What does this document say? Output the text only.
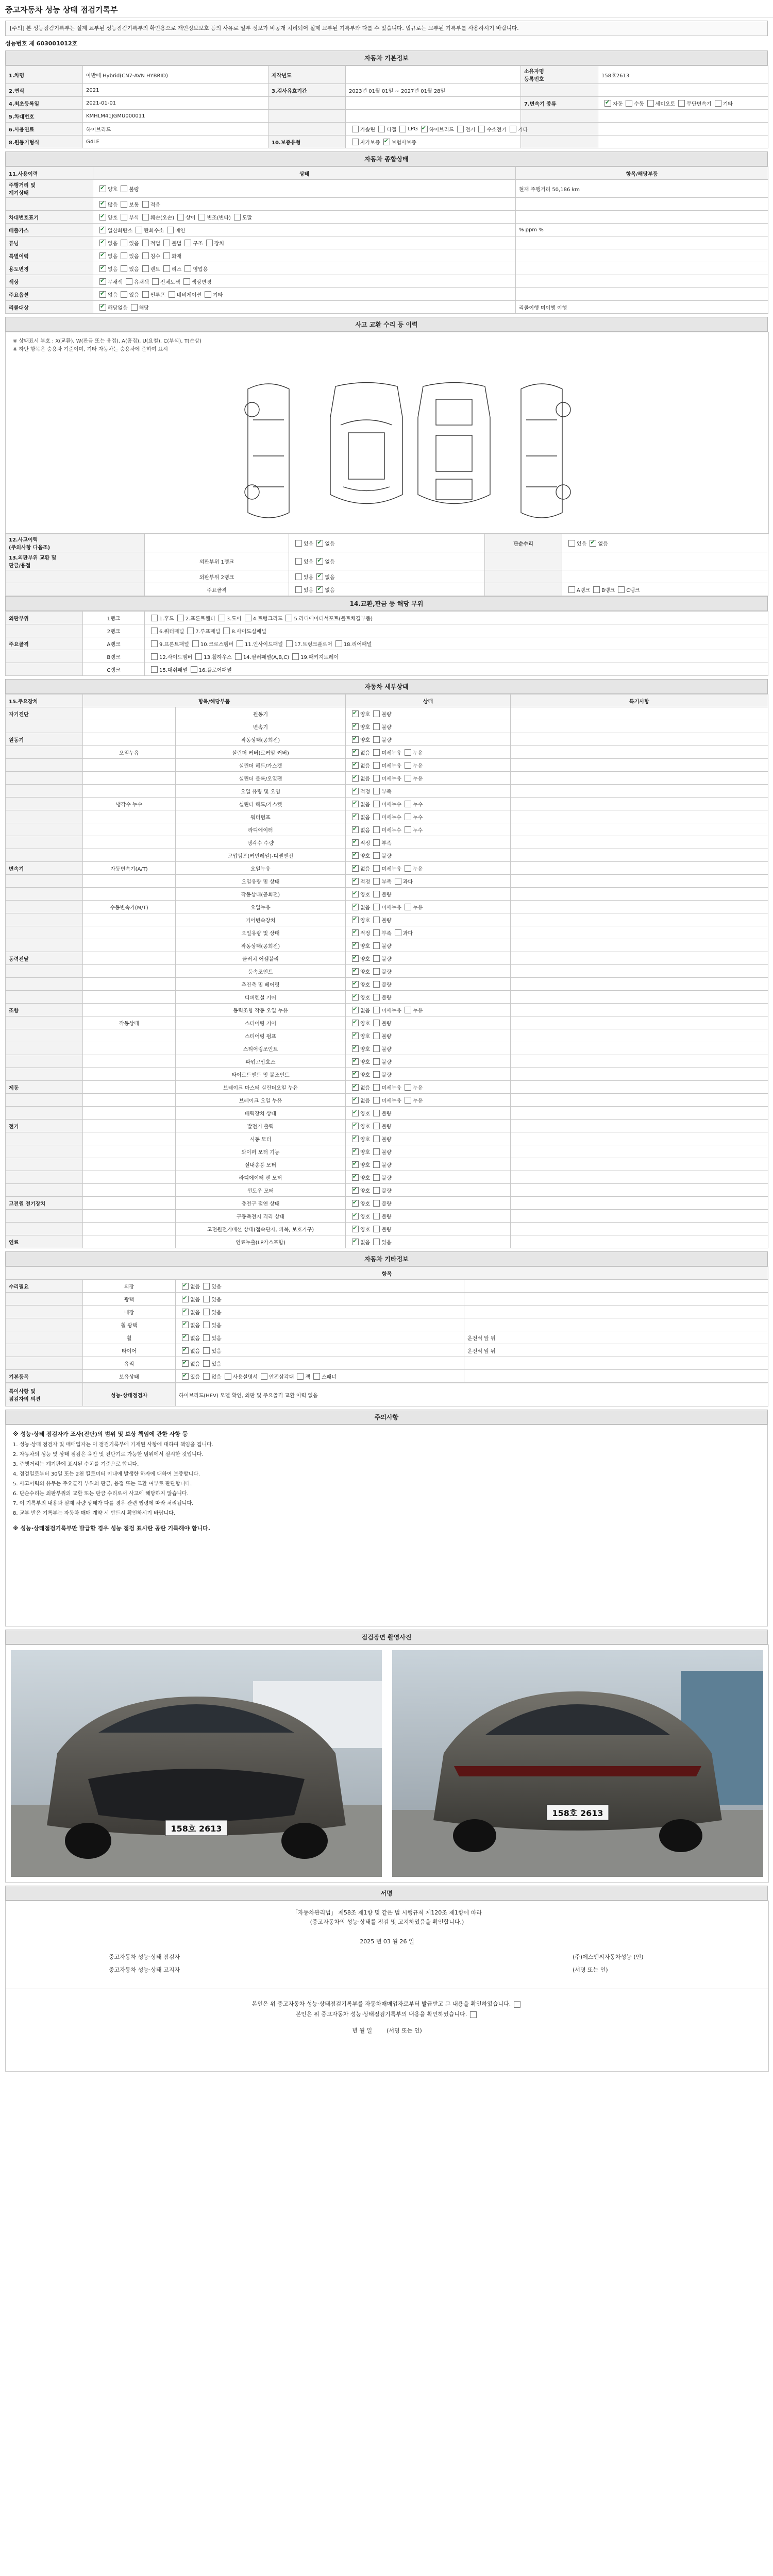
중고자동차 성능 상태 점검기록부
[주의] 본 성능점검기록부는 실제 교부된 성능점검기록부의 확인용으로 개인정보보호 등의 사유로 일부 정보가 비공개 처리되어 실제 교부된 기록부와 다를 수 있습니다. 법규로는 교부된 기록부를 사용하시기 바랍니다.
성능번호 제 603001012호
자동차 기본정보
1.차명	아반떼 Hybrid(CN7-AVN HYBRID)	제작년도		소유자명
등록번호	158호2613
2.연식	2021	3.검사유효기간	2023년 01월 01일 ~ 2027년 01월 28일		
4.최초등록일	2021-01-01			7.변속기 종류	✔자동 수동 세미오토 무단변속기 기타
5.차대번호	KMHLM41JGMU000011				
6.사용연료	하이브리드		가솔린 디젤 LPG ✔ 하이브리드 전기 수소전기 기타		
8.원동기형식	G4LE	10.보증유형	자가보증 ✔ 보험사보증		
자동차 종합상태
11.사용이력	상태	항목/해당부품
주행거리 및
계기상태	✔양호 불량	현재 주행거리 50,186 km
	✔많음 보통 적음	
차대번호표기	✔양호 부식 훼손(오손) 상이 변조(변타) 도말	
배출가스	✔일산화탄소 탄화수소 매연	% ppm %
튜닝	✔없음 있음 적법 불법 구조 장치	
특별이력	✔없음 있음 침수 화재	
용도변경	✔없음 있음 렌트 리스 영업용	
색상	✔무채색 유채색 전체도색 색상변경	
주요옵션	✔없음 있음 썬루프 네비게이션 기타	
리콜대상	✔해당없음 해당	리콜이행 미이행 이행
사고 교환 수리 등 이력
※ 상태표시 부호 : X(교환), W(판금 또는 용접), A(흠집), U(요철), C(부식), T(손상)
※ 하단 항목은 승용차 기준이며, 기타 자동차는 승용차에 준하여 표시
12.사고이력
(주의사항 다음조)		있음 ✔ 없음	단순수리	있음 ✔ 없음
13.외판부위 교환 및
판금/용접	외판부위 1랭크	있음 ✔ 없음		
	외판부위 2랭크	있음 ✔ 없음		
	주요골격	있음 ✔ 없음		A랭크 B랭크 C랭크
14.교환,판금 등 해당 부위
외판부위	1랭크	1.후드 2.프론트휀더 3.도어 4.트렁크리드 5.라디에이터서포트(볼트체결부품)
	2랭크	6.쿼터패널 7.루프패널 8.사이드실패널
주요골격	A랭크	9.프론트패널 10.크로스멤버 11.인사이드패널 17.트렁크플로어 18.리어패널
	B랭크	12.사이드멤버 13.휠하우스 14.필러패널(A,B,C) 19.패키지트레이
	C랭크	15.대쉬패널 16.플로어패널
자동차 세부상태
15.주요장치	항목/해당부품		상태	특기사항
자기진단		원동기	✔양호 불량	
		변속기	✔양호 불량	
원동기		작동상태(공회전)	✔양호 불량	
	오일누유	실린더 커버(로커암 커버)	✔없음 미세누유 누유	
		실린더 헤드/가스켓	✔없음 미세누유 누유	
		실린더 블록/오일팬	✔없음 미세누유 누유	
		오일 유량 및 오염	✔적정 부족	
	냉각수 누수	실린더 헤드/가스켓	✔없음 미세누수 누수	
		워터펌프	✔없음 미세누수 누수	
		라디에이터	✔없음 미세누수 누수	
		냉각수 수량	✔적정 부족	
		고압펌프(커먼레일)-디젤엔진	✔양호 불량	
변속기	자동변속기(A/T)	오일누유	✔없음 미세누유 누유	
		오일유량 및 상태	✔적정 부족 과다	
		작동상태(공회전)	✔양호 불량	
	수동변속기(M/T)	오일누유	✔없음 미세누유 누유	
		기어변속장치	✔양호 불량	
		오일유량 및 상태	✔적정 부족 과다	
		작동상태(공회전)	✔양호 불량	
동력전달		클러치 어셈블리	✔양호 불량	
		등속조인트	✔양호 불량	
		추진축 및 베어링	✔양호 불량	
		디퍼렌셜 기어	✔양호 불량	
조향		동력조향 작동 오일 누유	✔없음 미세누유 누유	
	작동상태	스티어링 기어	✔양호 불량	
		스티어링 펌프	✔양호 불량	
		스티어링조인트	✔양호 불량	
		파워고압호스	✔양호 불량	
		타이로드엔드 및 볼조인트	✔양호 불량	
제동		브레이크 마스터 실린더오일 누유	✔없음 미세누유 누유	
		브레이크 오일 누유	✔없음 미세누유 누유	
		배력장치 상태	✔양호 불량	
전기		발전기 출력	✔양호 불량	
		시동 모터	✔양호 불량	
		와이퍼 모터 기능	✔양호 불량	
		실내송풍 모터	✔양호 불량	
		라디에이터 팬 모터	✔양호 불량	
		윈도우 모터	✔양호 불량	
고전원 전기장치		충전구 절연 상태	✔양호 불량	
		구동축전지 격리 상태	✔양호 불량	
		고전원전기배선 상태(접속단자, 피복, 보호기구)	✔양호 불량	
연료		연료누출(LP가스포함)	✔없음 있음	
자동차 기타정보
항목			
수리필요	외장	✔없음 있음	
	광택	✔없음 있음	
	내장	✔없음 있음	
	휠 광택	✔없음 있음	
	휠	✔없음 있음	운전석 앞 뒤
	타이어	✔없음 있음	운전석 앞 뒤
	유리	✔없음 있음	
기본품목	보유상태	✔있음 없음 사용설명서 안전삼각대 잭 스패너	
특이사항 및
점검자의 의견	성능·상태점검자	하이브리드(HEV) 모델 확인, 외판 및 주요골격 교환 이력 없음
주의사항
※ 성능·상태 점검자가 조사(진단)의 범위 및 보상 책임에 관한 사항 등
1. 성능·상태 점검자 및 매매업자는 이 점검기록부에 기재된 사항에 대하여 책임을 집니다.
2. 자동차의 성능 및 상태 점검은 육안 및 진단기로 가능한 범위에서 실시한 것입니다.
3. 주행거리는 계기판에 표시된 수치를 기준으로 합니다.
4. 점검일로부터 30일 또는 2천 킬로미터 이내에 발생한 하자에 대하여 보증합니다.
5. 사고이력의 유무는 주요골격 부위의 판금, 용접 또는 교환 여부로 판단합니다.
6. 단순수리는 외판부위의 교환 또는 판금 수리로서 사고에 해당하지 않습니다.
7. 이 기록부의 내용과 실제 차량 상태가 다를 경우 관련 법령에 따라 처리됩니다.
8. 교부 받은 기록부는 자동차 매매 계약 시 반드시 확인하시기 바랍니다.
※ 성능·상태점검기록부만 발급할 경우 성능 점검 표시란 공란 기록해야 합니다.
점검장면 촬영사진
158호 2613
158호 2613
서명
「자동차관리법」 제58조 제1항 및 같은 법 시행규칙 제120조 제1항에 따라
(중고자동차의 성능·상태를 점검 및 고지하였음을 확인합니다.)
2025 년 03 월 26 일
중고자동차 성능·상태 점검자	(주)에스앤씨자동차성능 (인)
중고자동차 성능·상태 고지자	(서명 또는 인)
본인은 위 중고자동차 성능·상태점검기록부를 자동차매매업자로부터 발급받고 그 내용을 확인하였습니다.
본인은 위 중고자동차 성능·상태점검기록부의 내용을 확인하였습니다.
년 월 일	(서명 또는 인)
